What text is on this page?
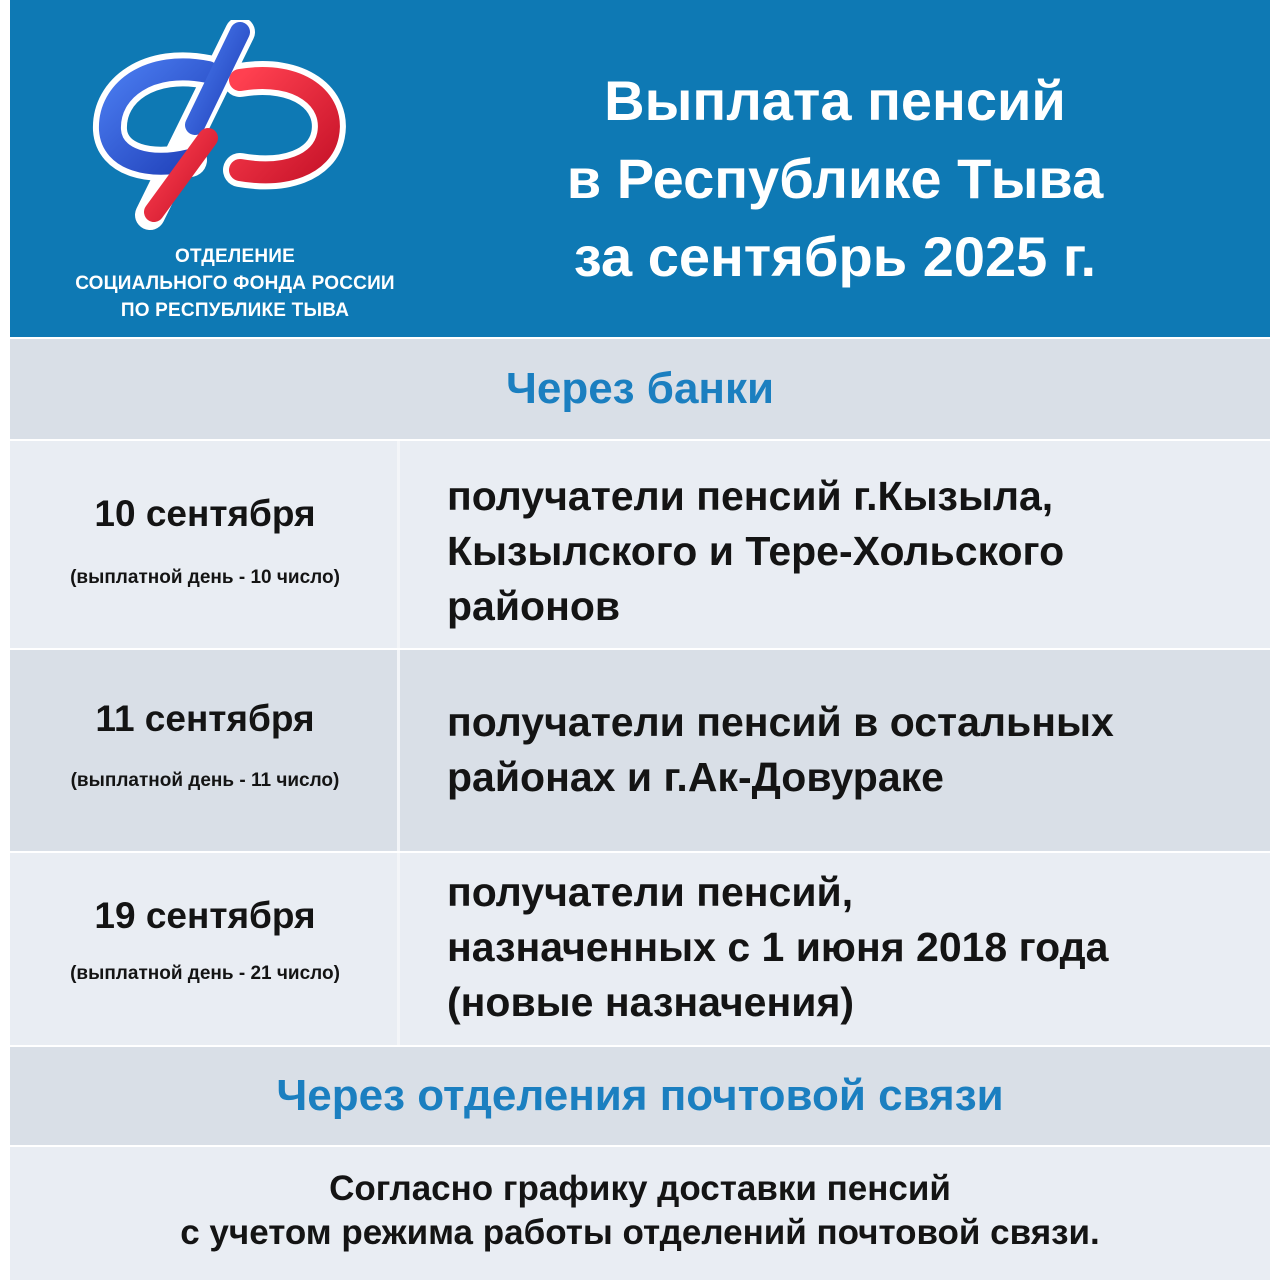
ОТДЕЛЕНИЕ
СОЦИАЛЬНОГО ФОНДА РОССИИ
ПО РЕСПУБЛИКЕ ТЫВА
Выплата пенсий
в Республике Тыва
за сентябрь 2025 г.
Через банки
10 сентября
(выплатной день - 10 число)
получатели пенсий г.Кызыла,
Кызылского и Тере-Хольского
районов
11 сентября
(выплатной день - 11 число)
получатели пенсий в остальных
районах и г.Ак-Довураке
19 сентября
(выплатной день - 21 число)
получатели пенсий,
назначенных с 1 июня 2018 года
(новые назначения)
Через отделения почтовой связи
Согласно графику доставки пенсий
с учетом режима работы отделений почтовой связи.
